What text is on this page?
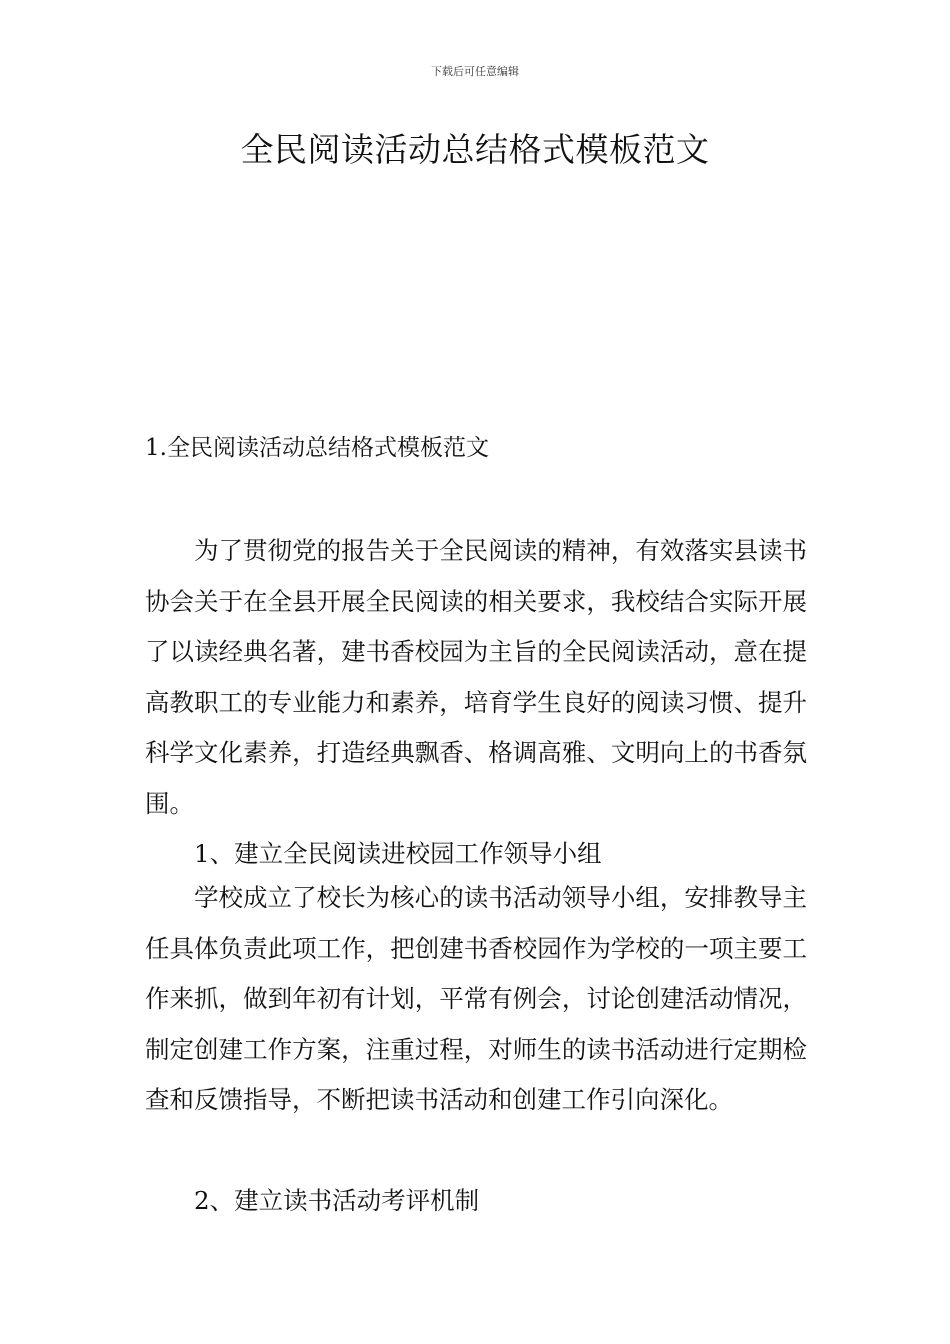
下载后可任意编辑
全民阅读活动总结格式模板范文
1.全民阅读活动总结格式模板范文

为了贯彻党的报告关于全民阅读的精神，有效落实县读书协会关于在全县开展全民阅读的相关要求，我校结合实际开展了以读经典名著，建书香校园为主旨的全民阅读活动，意在提高教职工的专业能力和素养，培育学生良好的阅读习惯、提升科学文化素养，打造经典飘香、格调高雅、文明向上的书香氛围。

1、建立全民阅读进校园工作领导小组

学校成立了校长为核心的读书活动领导小组，安排教导主任具体负责此项工作，把创建书香校园作为学校的一项主要工作来抓，做到年初有计划，平常有例会，讨论创建活动情况，制定创建工作方案，注重过程，对师生的读书活动进行定期检查和反馈指导，不断把读书活动和创建工作引向深化。

2、建立读书活动考评机制
